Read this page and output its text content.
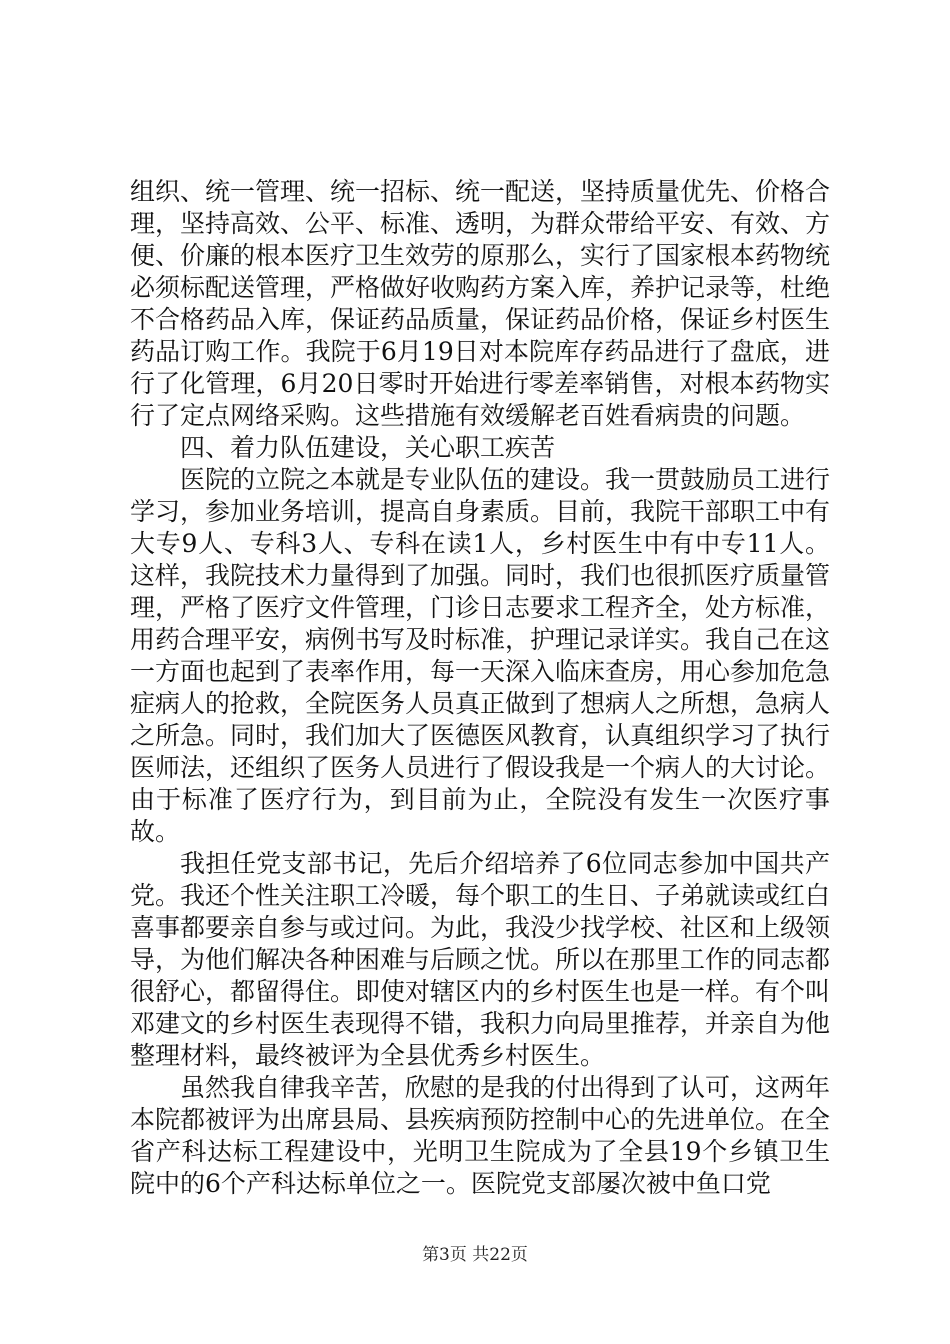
组织、统一管理、统一招标、统一配送，坚持质量优先、价格合理，坚持高效、公平、标准、透明，为群众带给平安、有效、方便、价廉的根本医疗卫生效劳的原那么，实行了国家根本药物统必须标配送管理，严格做好收购药方案入库，养护记录等，杜绝不合格药品入库，保证药品质量，保证药品价格，保证乡村医生药品订购工作。我院于6月19日对本院库存药品进行了盘底，进行了化管理，6月20日零时开始进行零差率销售，对根本药物实行了定点网络采购。这些措施有效缓解老百姓看病贵的问题。

四、着力队伍建设，关心职工疾苦

医院的立院之本就是专业队伍的建设。我一贯鼓励员工进行学习，参加业务培训，提高自身素质。目前，我院干部职工中有大专9人、专科3人、专科在读1人，乡村医生中有中专11人。这样，我院技术力量得到了加强。同时，我们也很抓医疗质量管理，严格了医疗文件管理，门诊日志要求工程齐全，处方标准，用药合理平安，病例书写及时标准，护理记录详实。我自己在这一方面也起到了表率作用，每一天深入临床查房，用心参加危急症病人的抢救，全院医务人员真正做到了想病人之所想，急病人之所急。同时，我们加大了医德医风教育，认真组织学习了执行医师法，还组织了医务人员进行了假设我是一个病人的大讨论。由于标准了医疗行为，到目前为止，全院没有发生一次医疗事故。

我担任党支部书记，先后介绍培养了6位同志参加中国共产党。我还个性关注职工冷暖，每个职工的生日、子弟就读或红白喜事都要亲自参与或过问。为此，我没少找学校、社区和上级领导，为他们解决各种困难与后顾之忧。所以在那里工作的同志都很舒心，都留得住。即使对辖区内的乡村医生也是一样。有个叫邓建文的乡村医生表现得不错，我积力向局里推荐，并亲自为他整理材料，最终被评为全县优秀乡村医生。

虽然我自律我辛苦，欣慰的是我的付出得到了认可，这两年本院都被评为出席县局、县疾病预防控制中心的先进单位。在全省产科达标工程建设中，光明卫生院成为了全县19个乡镇卫生院中的6个产科达标单位之一。医院党支部屡次被中鱼口党

第3页 共22页
